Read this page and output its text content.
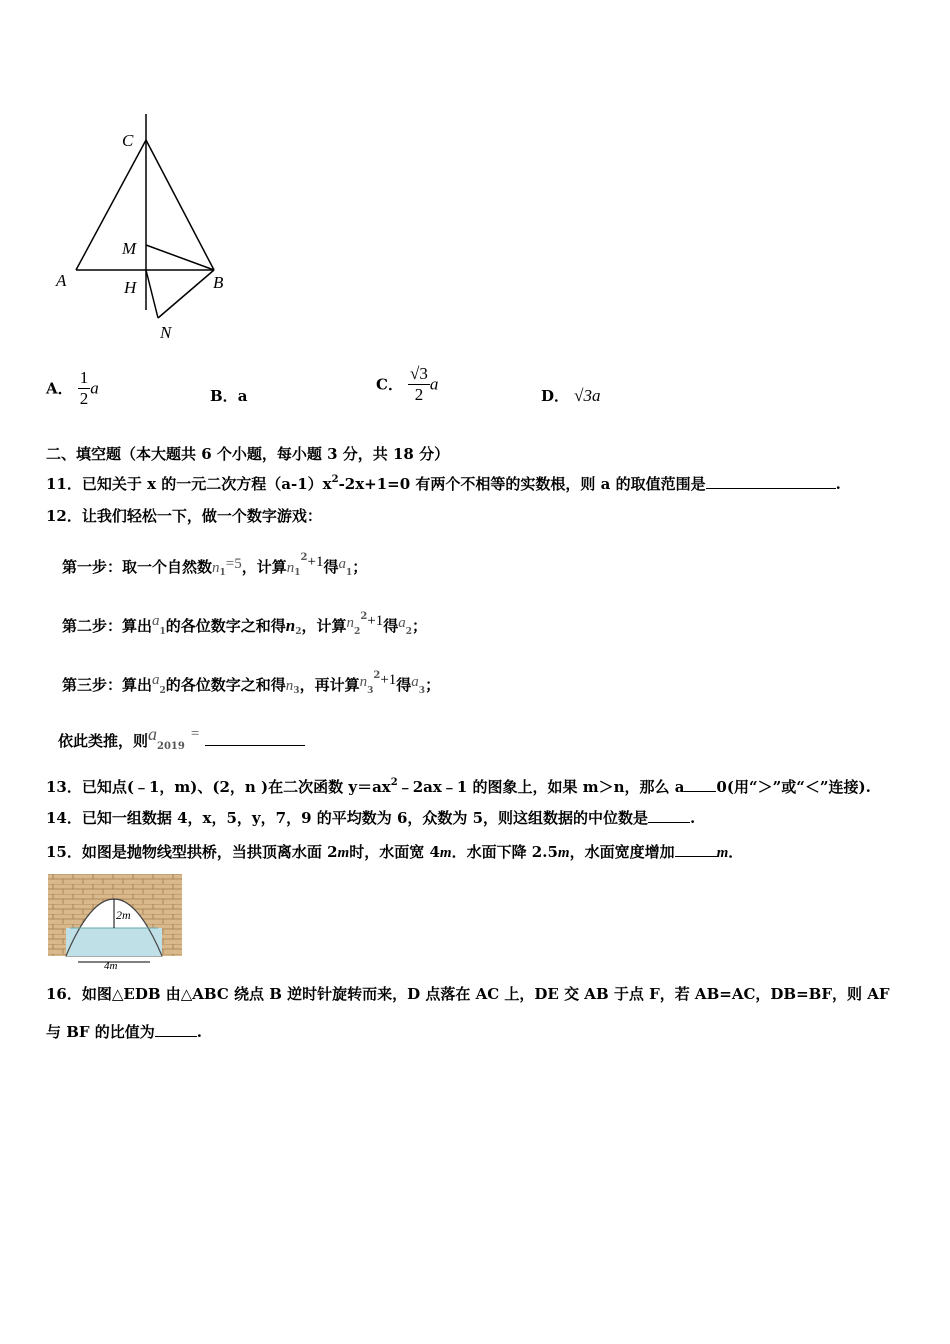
C
M
A	H	B
N
A． $\frac{1}{2}$ a	B．a
C． $\frac{√3}{2}$ a
D． √3a
二、填空题（本大题共 6 个小题，每小题 3 分，共 18 分）
11．已知关于 x 的一元二次方程$(a-1)x^2-2x+1=0$ 有两个不相等的实数根，则 a 的取值范围是	.
12．让我们轻松一下，做一个数字游戏：
第一步：取一个自然数$n_1=5$，计算$n_1^2+1$得$a_1$；
第二步：算出$a_1$的各位数字之和得$n_2$，计算$n_2^2+1$得$a_2$；
第三步：算出$a_2$的各位数字之和得$n_3$，再计算$n_3^2+1$得$a_3$；
依此类推，则$a_{2019}=$
13．已知点(﹣1，m)、(2，n )在二次函数 $y=ax^2﹣2ax﹣1$ 的图象上，如果 m＞n，那么 a 0(用“＞”或“＜”连接).
14．已知一组数据 4，x，5，y，7，9 的平均数为 6，众数为 5，则这组数据的中位数是	.
15．如图是抛物线型拱桥，当拱顶离水面 2m时，水面宽 4m．水面下降 2.5m，水面宽度增加	m．
2m
4m
16．如图△EDB 由△ABC 绕点 B 逆时针旋转而来，D 点落在 AC 上，DE 交 AB 于点 F，若 AB=AC，DB=BF，则 AF
与 BF 的比值为	.
